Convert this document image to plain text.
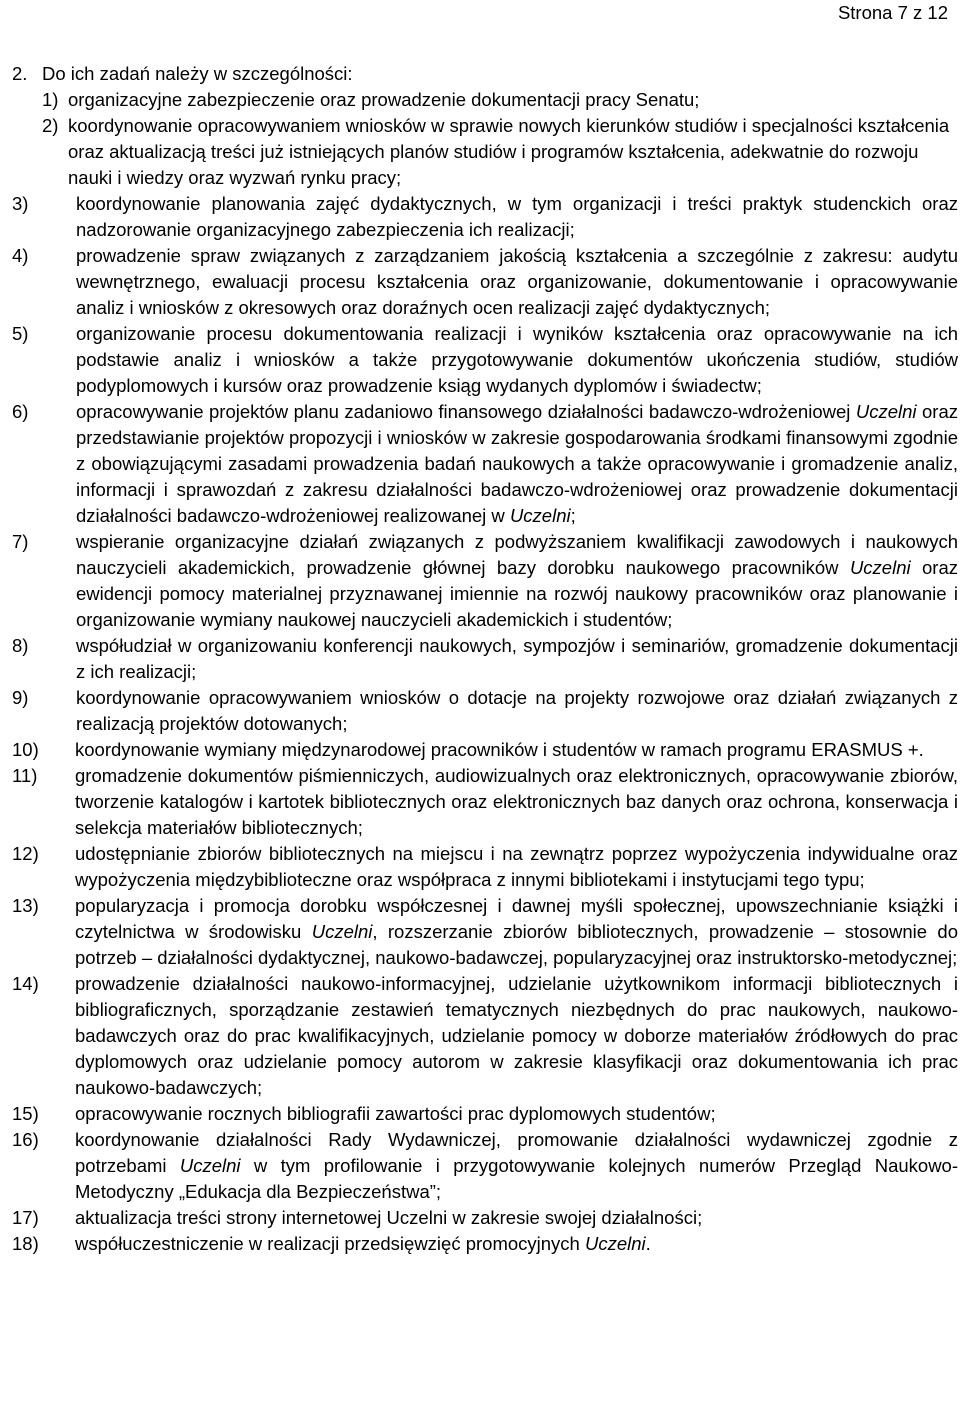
Strona 7 z 12
2. Do ich zadań należy w szczególności:
1) organizacyjne zabezpieczenie oraz prowadzenie dokumentacji pracy Senatu;
2) koordynowanie opracowywaniem wniosków w sprawie nowych kierunków studiów i specjalności kształcenia oraz aktualizacją treści już istniejących planów studiów i programów kształcenia, adekwatnie do rozwoju nauki i wiedzy oraz wyzwań rynku pracy;
3)	koordynowanie planowania zajęć dydaktycznych, w tym organizacji i treści praktyk studenckich oraz nadzorowanie organizacyjnego zabezpieczenia ich realizacji;
4)	prowadzenie spraw związanych z zarządzaniem jakością kształcenia a szczególnie z zakresu: audytu wewnętrznego, ewaluacji procesu kształcenia oraz organizowanie, dokumentowanie i opracowywanie analiz i wniosków z okresowych oraz doraźnych ocen realizacji zajęć dydaktycznych;
5)	organizowanie procesu dokumentowania realizacji i wyników kształcenia oraz opracowywanie na ich podstawie analiz i wniosków a także przygotowywanie dokumentów ukończenia studiów, studiów podyplomowych i kursów oraz prowadzenie ksiąg wydanych dyplomów i świadectw;
6)	opracowywanie projektów planu zadaniowo finansowego działalności badawczo-wdrożeniowej Uczelni oraz przedstawianie projektów propozycji i wniosków w zakresie gospodarowania środkami finansowymi zgodnie z obowiązującymi zasadami prowadzenia badań naukowych a także opracowywanie i gromadzenie analiz, informacji i sprawozdań z zakresu działalności badawczo-wdrożeniowej oraz prowadzenie dokumentacji działalności badawczo-wdrożeniowej realizowanej w Uczelni;
7)	wspieranie organizacyjne działań związanych z podwyższaniem kwalifikacji zawodowych i naukowych nauczycieli akademickich, prowadzenie głównej bazy dorobku naukowego pracowników Uczelni oraz ewidencji pomocy materialnej przyznawanej imiennie na rozwój naukowy pracowników oraz planowanie i organizowanie wymiany naukowej nauczycieli akademickich i studentów;
8)	współudział w organizowaniu konferencji naukowych, sympozjów i seminariów, gromadzenie dokumentacji z ich realizacji;
9)	koordynowanie opracowywaniem wniosków o dotacje na projekty rozwojowe oraz działań związanych z realizacją projektów dotowanych;
10)	koordynowanie wymiany międzynarodowej pracowników i studentów w ramach programu ERASMUS +.
11)	gromadzenie dokumentów piśmienniczych, audiowizualnych oraz elektronicznych, opracowywanie zbiorów, tworzenie katalogów i kartotek bibliotecznych oraz elektronicznych baz danych oraz ochrona, konserwacja i selekcja materiałów bibliotecznych;
12)	udostępnianie zbiorów bibliotecznych na miejscu i na zewnątrz poprzez wypożyczenia indywidualne oraz wypożyczenia międzybiblioteczne oraz współpraca z innymi bibliotekami i instytucjami tego typu;
13)	popularyzacja i promocja dorobku współczesnej i dawnej myśli społecznej, upowszechnianie książki i czytelnictwa w środowisku Uczelni, rozszerzanie zbiorów bibliotecznych, prowadzenie – stosownie do potrzeb – działalności dydaktycznej, naukowo-badawczej, popularyzacyjnej oraz instruktorsko-metodycznej;
14)	prowadzenie działalności naukowo-informacyjnej, udzielanie użytkownikom informacji bibliotecznych i bibliograficznych, sporządzanie zestawień tematycznych niezbędnych do prac naukowych, naukowo-badawczych oraz do prac kwalifikacyjnych, udzielanie pomocy w doborze materiałów źródłowych do prac dyplomowych oraz udzielanie pomocy autorom w zakresie klasyfikacji oraz dokumentowania ich prac naukowo-badawczych;
15)	opracowywanie rocznych bibliografii zawartości prac dyplomowych studentów;
16)	koordynowanie działalności Rady Wydawniczej, promowanie działalności wydawniczej zgodnie z potrzebami Uczelni w tym profilowanie i przygotowywanie kolejnych numerów Przegląd Naukowo-Metodyczny „Edukacja dla Bezpieczeństwa”;
17)	aktualizacja treści strony internetowej Uczelni w zakresie swojej działalności;
18)	współuczestniczenie w realizacji przedsięwzięć promocyjnych Uczelni.
